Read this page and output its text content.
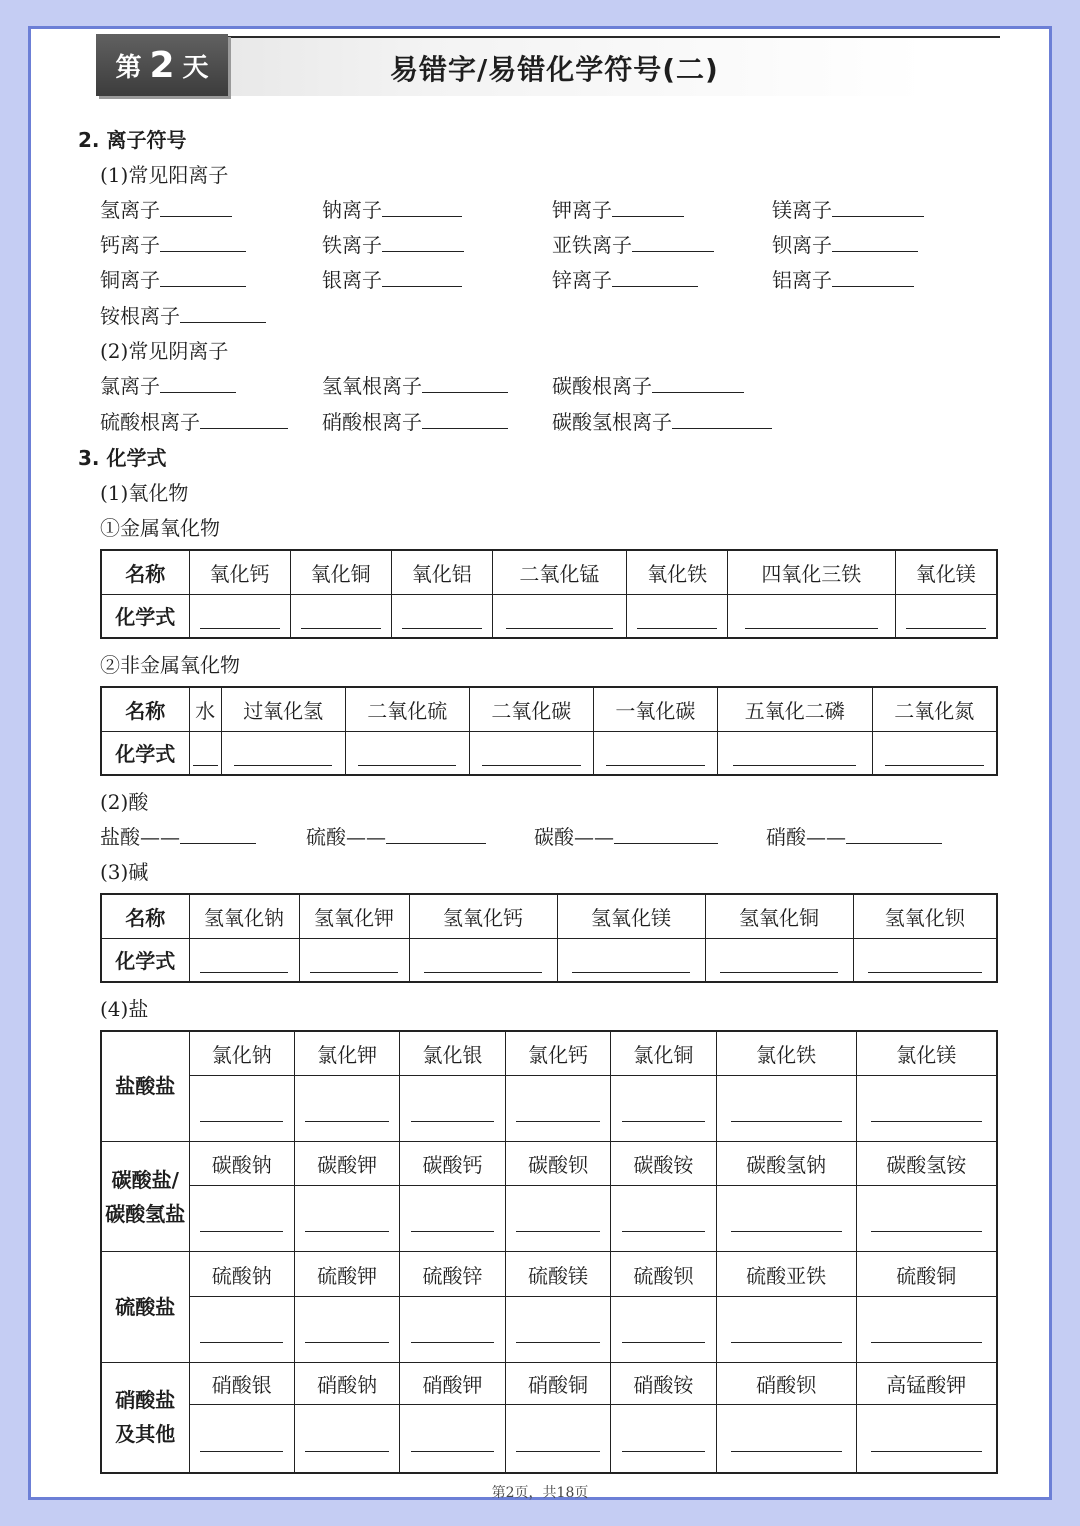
第 2 天	易错字/易错化学符号(二)
2. 离子符号
(1)常见阳离子
氢离子	钠离子	钾离子	镁离子
钙离子	铁离子	亚铁离子	钡离子
铜离子	银离子	锌离子	铝离子
铵根离子
(2)常见阴离子
氯离子	氢氧根离子	碳酸根离子
硫酸根离子	硝酸根离子	碳酸氢根离子
3. 化学式
(1)氧化物
①金属氧化物
名称	氧化钙	氧化铜	氧化铝	二氧化锰	氧化铁	四氧化三铁	氧化镁
化学式	

②非金属氧化物
名称	水	过氧化氢	二氧化硫	二氧化碳	一氧化碳	五氧化二磷	二氧化氮
化学式	

(2)酸
盐酸——	硫酸——	碳酸——	硝酸——
(3)碱
名称	氢氧化钠	氢氧化钾	氢氧化钙	氢氧化镁	氢氧化铜	氢氧化钡
化学式	

(4)盐
盐酸盐	氯化钠	氯化钾	氯化银	氯化钙	氯化铜	氯化铁	氯化镁

碳酸盐/
碳酸氢盐	碳酸钠	碳酸钾	碳酸钙	碳酸钡	碳酸铵	碳酸氢钠	碳酸氢铵

硫酸盐	硫酸钠	硫酸钾	硫酸锌	硫酸镁	硫酸钡	硫酸亚铁	硫酸铜

硝酸盐
及其他	硝酸银	硝酸钠	硝酸钾	硝酸铜	硝酸铵	硝酸钡	高锰酸钾

第2页，共18页
